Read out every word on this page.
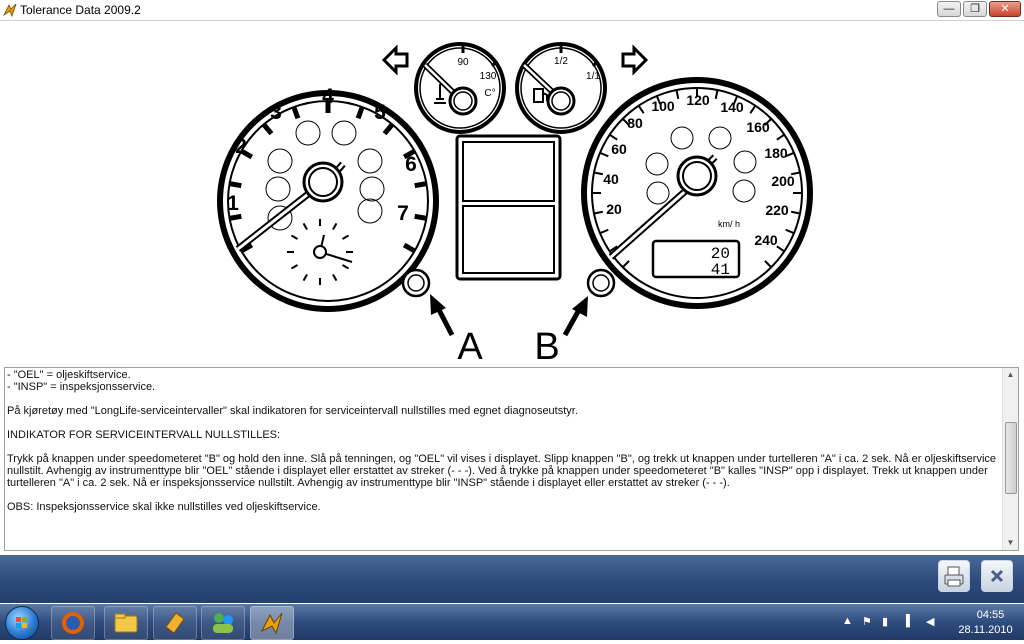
Tolerance Data 2009.2	—	❐	✕
1
2
3
4
5
6
7
90
130
C°
1/2
1/1
20
40
60
80
100 120 140
160
180
200
220
240
km/ h
20
41
A B

- "OEL" = oljeskiftservice.

- "INSP" = inspeksjonsservice.

På kjøretøy med "LongLife-serviceintervaller" skal indikatoren for serviceintervall nullstilles med egnet diagnoseutstyr.

INDIKATOR FOR SERVICEINTERVALL NULLSTILLES:

Trykk på knappen under speedometeret "B" og hold den inne. Slå på tenningen, og "OEL" vil vises i displayet. Slipp knappen "B", og trekk ut knappen under turtelleren "A" i ca. 2 sek. Nå er oljeskiftservice nullstilt. Avhengig av instrumenttype blir "OEL" stående i displayet eller erstattet av streker (- - -). Ved å trykke på knappen under speedometeret "B" kalles "INSP" opp i displayet. Trekk ut knappen under turtelleren "A" i ca. 2 sek. Nå er inspeksjonsservice nullstilt. Avhengig av instrumenttype blir "INSP" stående i displayet eller erstattet av streker (- - -).

OBS: Inspeksjonsservice skal ikke nullstilles ved oljeskiftservice.

▲
▼
▲ ⚑ ▮	▐	◀
04:55
28.11.2010
